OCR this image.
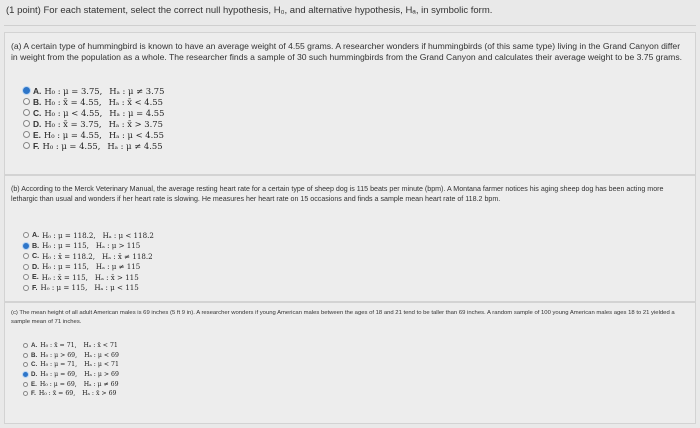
(1 point) For each statement, select the correct null hypothesis, H₀, and alternative hypothesis, Hₐ, in symbolic form.
(a) A certain type of hummingbird is known to have an average weight of 4.55 grams. A researcher wonders if hummingbirds (of this same type) living in the Grand Canyon differ in weight from the population as a whole. The researcher finds a sample of 30 such hummingbirds from the Grand Canyon and calculates their average weight to be 3.75 grams.
A. H₀ : μ = 3.75, Hₐ : μ ≠ 3.75
B. H₀ : x̄ = 4.55, Hₐ : x̄ < 4.55
C. H₀ : μ < 4.55, Hₐ : μ = 4.55
D. H₀ : x̄ = 3.75, Hₐ : x̄ > 3.75
E. H₀ : μ = 4.55, Hₐ : μ < 4.55
F. H₀ : μ = 4.55, Hₐ : μ ≠ 4.55
(b) According to the Merck Veterinary Manual, the average resting heart rate for a certain type of sheep dog is 115 beats per minute (bpm). A Montana farmer notices his aging sheep dog has been acting more lethargic than usual and wonders if her heart rate is slowing. He measures her heart rate on 15 occasions and finds a sample mean heart rate of 118.2 bpm.
A. H₀ : μ = 118.2, Hₐ : μ < 118.2
B. H₀ : μ = 115, Hₐ : μ > 115
C. H₀ : x̄ = 118.2, Hₐ : x̄ ≠ 118.2
D. H₀ : μ = 115, Hₐ : μ ≠ 115
E. H₀ : x̄ = 115, Hₐ : x̄ > 115
F. H₀ : μ = 115, Hₐ : μ < 115
(c) The mean height of all adult American males is 69 inches (5 ft 9 in). A researcher wonders if young American males between the ages of 18 and 21 tend to be taller than 69 inches. A random sample of 100 young American males ages 18 to 21 yielded a sample mean of 71 inches.
A. H₀ : x̄ = 71, Hₐ : x̄ < 71
B. H₀ : μ > 69, Hₐ : μ < 69
C. H₀ : μ = 71, Hₐ : μ < 71
D. H₀ : μ = 69, Hₐ : μ > 69
E. H₀ : μ = 69, Hₐ : μ ≠ 69
F. H₀ : x̄ = 69, Hₐ : x̄ > 69
